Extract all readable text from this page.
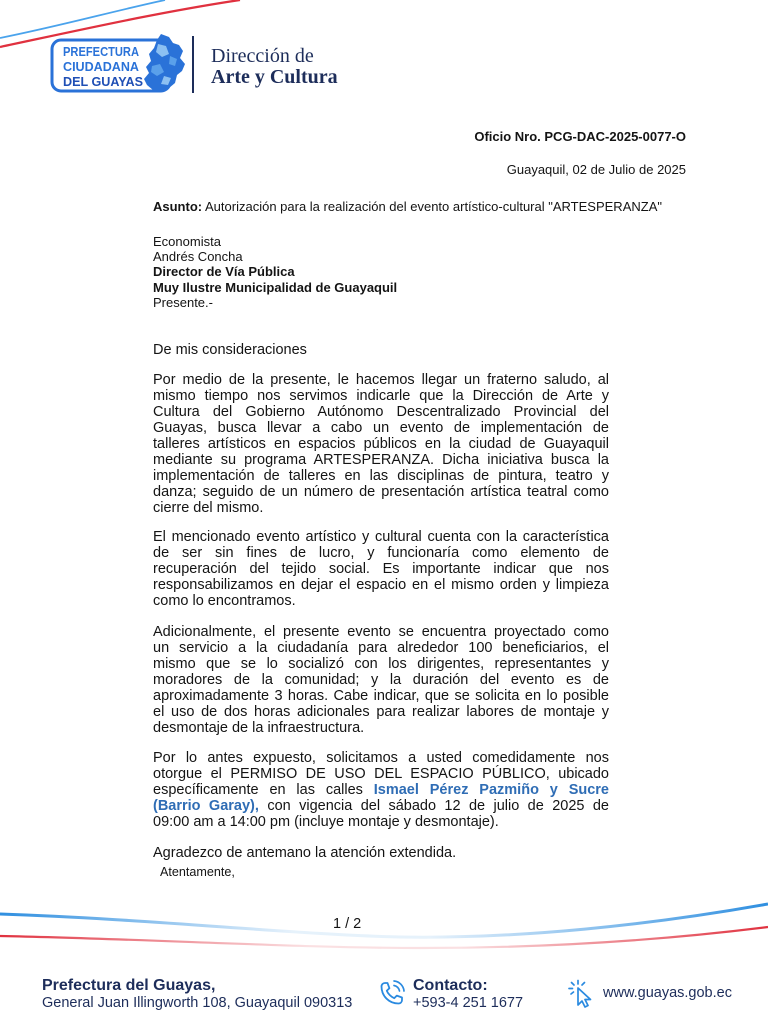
PREFECTURA
CIUDADANA
DEL GUAYAS
Dirección de
Arte y Cultura
Oficio Nro. PCG-DAC-2025-0077-O
Guayaquil, 02 de Julio de 2025
Asunto: Autorización para la realización del evento artístico-cultural "ARTESPERANZA"
Economista
Andrés Concha
Director de Vía Pública
Muy Ilustre Municipalidad de Guayaquil
Presente.-
De mis consideraciones
Por medio de la presente, le hacemos llegar un fraterno saludo, al
mismo tiempo nos servimos indicarle que la Dirección de Arte y
Cultura del Gobierno Autónomo Descentralizado Provincial del
Guayas, busca llevar a cabo un evento de implementación de
talleres artísticos en espacios públicos en la ciudad de Guayaquil
mediante su programa ARTESPERANZA. Dicha iniciativa busca la
implementación de talleres en las disciplinas de pintura, teatro y
danza; seguido de un número de presentación artística teatral como
cierre del mismo.
El mencionado evento artístico y cultural cuenta con la característica
de ser sin fines de lucro, y funcionaría como elemento de
recuperación del tejido social. Es importante indicar que nos
responsabilizamos en dejar el espacio en el mismo orden y limpieza
como lo encontramos.
Adicionalmente, el presente evento se encuentra proyectado como
un servicio a la ciudadanía para alrededor 100 beneficiarios, el
mismo que se lo socializó con los dirigentes, representantes y
moradores de la comunidad; y la duración del evento es de
aproximadamente 3 horas. Cabe indicar, que se solicita en lo posible
el uso de dos horas adicionales para realizar labores de montaje y
desmontaje de la infraestructura.
Por lo antes expuesto, solicitamos a usted comedidamente nos
otorgue el PERMISO DE USO DEL ESPACIO PÚBLICO, ubicado
específicamente en las calles Ismael Pérez Pazmiño y Sucre
(Barrio Garay), con vigencia del sábado 12 de julio de 2025 de
09:00 am a 14:00 pm (incluye montaje y desmontaje).
Agradezco de antemano la atención extendida.
Atentamente,
1 / 2
Prefectura del Guayas,
General Juan Illingworth 108, Guayaquil 090313
Contacto:
+593-4 251 1677
www.guayas.gob.ec
